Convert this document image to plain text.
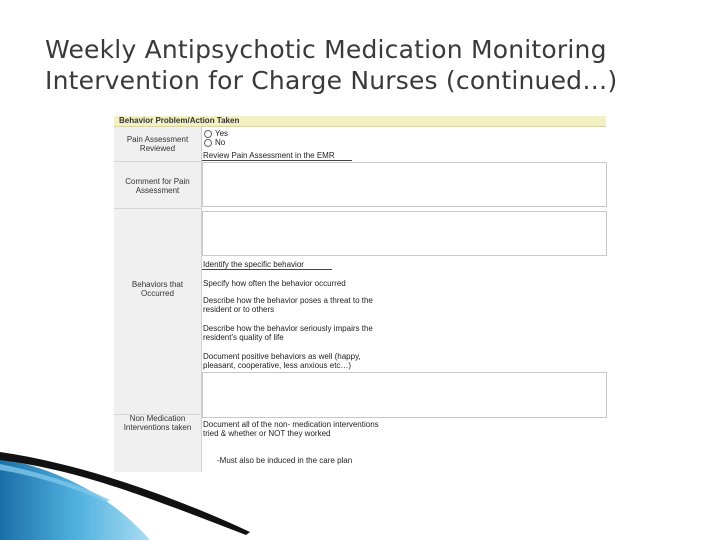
Weekly Antipsychotic Medication Monitoring
Intervention for Charge Nurses (continued…)
Behavior Problem/Action Taken
Pain Assessment
Reviewed
Yes
No
Review Pain Assessment in the EMR
Comment for Pain
Assessment
Behaviors that
Occurred
Identify the specific behavior
Specify how often the behavior occurred
Describe how the behavior poses a threat to the resident or to others
Describe how the behavior seriously impairs the resident's quality of life
Document positive behaviors as well (happy, pleasant, cooperative, less anxious etc…)
Non Medication
Interventions taken	Document all of the non- medication interventions tried & whether or NOT they worked
-Must also be induced in the care plan
